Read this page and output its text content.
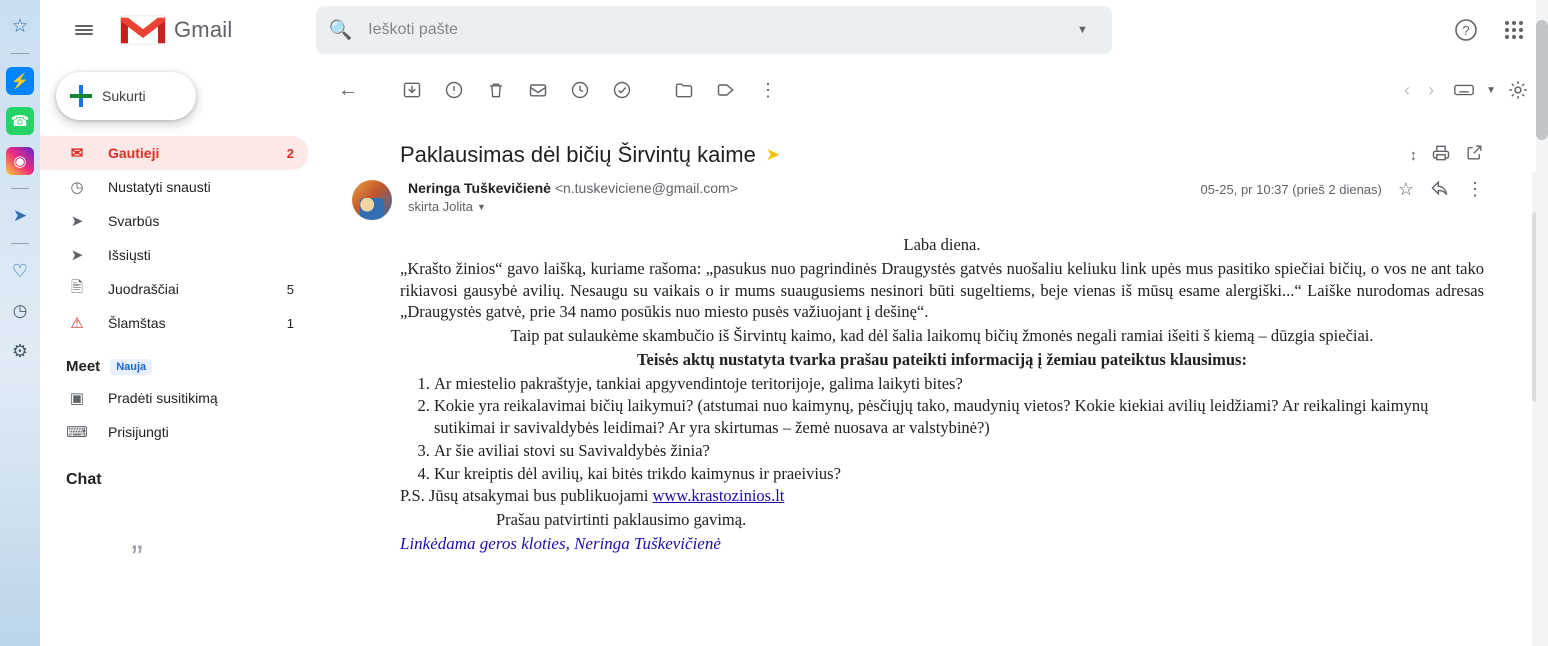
☆
⚡
☎
◉
➤
♡
◷
⚙
Gmail	🔍
Ieškoti pašte	▼	?
Sukurti
✉	Gautieji	2
◷	Nustatyti snausti
➤	Svarbūs
➤	Išsiųsti
🖹	Juodraščiai	5
⚠	Šlamštas	1
Meet	Nauja
▣ Pradėti susitikimą
⌨ Prisijungti
Chat
”
←	⋮	‹	›	▼
Paklausimas dėl bičių Širvintų kaime ➤	↕
Neringa Tuškevičienė <n.tuskeviciene@gmail.com>
skirta Jolita ▼
05-25, pr 10:37 (prieš 2 dienas) ☆	⋮

Laba diena.

„Krašto žinios“ gavo laišką, kuriame rašoma: „pasukus nuo pagrindinės Draugystės gatvės nuošaliu keliuku link upės mus pasitiko spiečiai bičių, o vos ne ant tako rikiavosi gausybė avilių. Nesaugu su vaikais o ir mums suaugusiems nesinori būti sugeltiems, beje vienas iš mūsų esame alergiški...“ Laiške nurodomas adresas „Draugystės gatvė, prie 34 namo posūkis nuo miesto pusės važiuojant į dešinę“.

Taip pat sulaukėme skambučio iš Širvintų kaimo, kad dėl šalia laikomų bičių žmonės negali ramiai išeiti š kiemą – dūzgia spiečiai.

Teisės aktų nustatyta tvarka prašau pateikti informaciją į žemiau pateiktus klausimus:

1. Ar miestelio pakraštyje, tankiai apgyvendintoje teritorijoje, galima laikyti bites?
2. Kokie yra reikalavimai bičių laikymui? (atstumai nuo kaimynų, pėsčiųjų tako, maudynių vietos? Kokie kiekiai avilių leidžiami? Ar reikalingi kaimynų sutikimai ir savivaldybės leidimai? Ar yra skirtumas – žemė nuosava ar valstybinė?)
3. Ar šie aviliai stovi su Savivaldybės žinia?
4. Kur kreiptis dėl avilių, kai bitės trikdo kaimynus ir praeivius?

P.S. Jūsų atsakymai bus publikuojami www.krastozinios.lt

Prašau patvirtinti paklausimo gavimą.

Linkėdama geros kloties, Neringa Tuškevičienė
